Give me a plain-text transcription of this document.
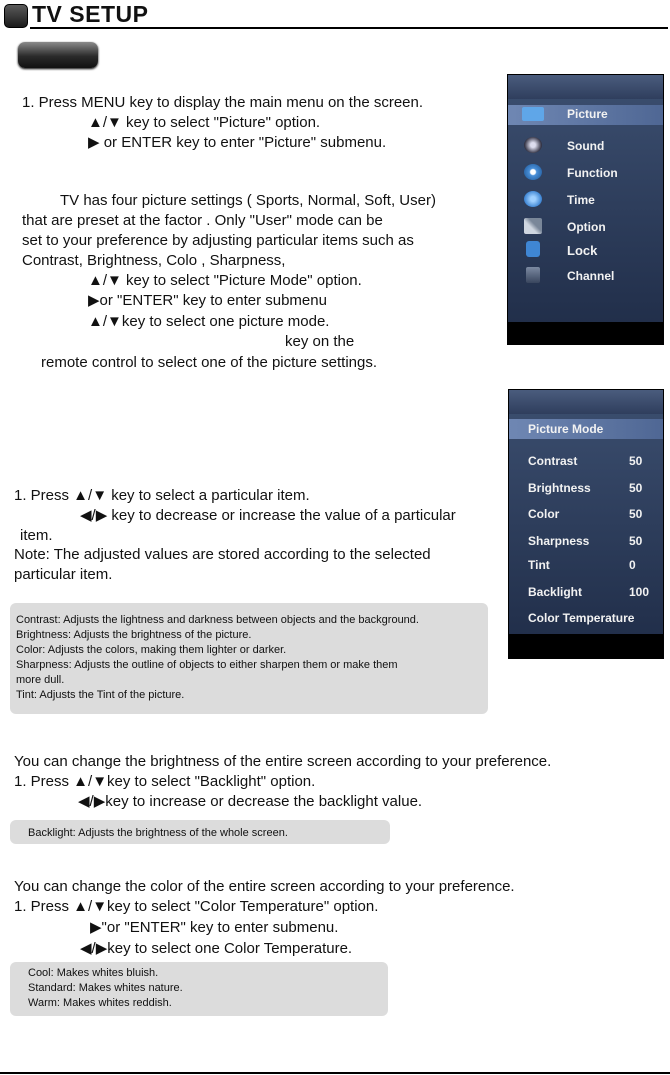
TV SETUP
1. Press MENU key to display the main menu on the screen.
▲/▼ key to select "Picture" option.
▶ or ENTER key to enter "Picture" submenu.
TV has four picture settings ( Sports, Normal, Soft, User)
that are preset at the factor . Only "User" mode can be
set to your preference by adjusting particular items such as
Contrast, Brightness, Colo , Sharpness,
▲/▼ key to select "Picture Mode" option.
▶or "ENTER" key to enter submenu
▲/▼key to select one picture mode.
key on the
remote control to select one of the picture settings.
Picture
Sound
Function
Time
Option
Lock
Channel
1. Press ▲/▼ key to select a particular item.
◀/▶ key to decrease or increase the value of a particular
item.
Note: The adjusted values are stored according to the selected
particular item.
Picture Mode
Contrast	50
Brightness	50
Color	50
Sharpness	50
Tint	0
Backlight	100
Color Temperature
Contrast: Adjusts the lightness and darkness between objects and the background.
Brightness: Adjusts the brightness of the picture.
Color: Adjusts the colors, making them lighter or darker.
Sharpness: Adjusts the outline of objects to either sharpen them or make them
more dull.
Tint: Adjusts the Tint of the picture.
You can change the brightness of the entire screen according to your preference.
1. Press ▲/▼key to select "Backlight" option.
◀/▶key to increase or decrease the backlight value.
Backlight: Adjusts the brightness of the whole screen.
You can change the color of the entire screen according to your preference.
1. Press ▲/▼key to select "Color Temperature" option.
▶"or "ENTER" key to enter submenu.
◀/▶key to select one Color Temperature.
Cool: Makes whites bluish.
Standard: Makes whites nature.
Warm: Makes whites reddish.
